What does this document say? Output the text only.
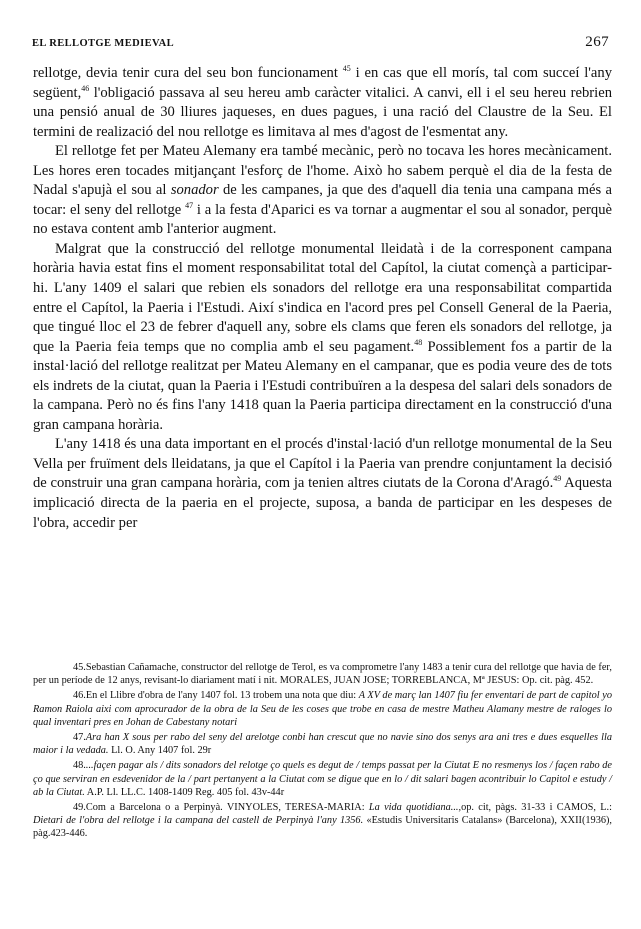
EL RELLOTGE MEDIEVAL	267

rellotge, devia tenir cura del seu bon funcionament $^{45}$ i en cas que ell morís, tal com succeí l'any següent,$^{46}$ l'obligació passava al seu hereu amb caràcter vitalici. A canvi, ell i el seu hereu rebrien una pensió anual de 30 lliures jaqueses, en dues pagues, i una ració del Claustre de la Seu. El termini de realizació del nou rellotge es limitava al mes d'agost de l'esmentat any.

El rellotge fet per Mateu Alemany era també mecànic, però no tocava les hores mecànicament. Les hores eren tocades mitjançant l'esforç de l'home. Això ho sabem perquè el dia de la festa de Nadal s'apujà el sou al sonador de les campanes, ja que des d'aquell dia tenia una campana més a tocar: el seny del rellotge $^{47}$ i a la festa d'Aparici es va tornar a augmentar el sou al sonador, perquè no estava content amb l'anterior augment.

Malgrat que la construcció del rellotge monumental lleidatà i de la corresponent campana horària havia estat fins el moment responsabilitat total del Capítol, la ciutat començà a participar-hi. L'any 1409 el salari que rebien els sonadors del rellotge era una responsabilitat compartida entre el Capítol, la Paeria i l'Estudi. Així s'indica en l'acord pres pel Consell General de la Paeria, que tingué lloc el 23 de febrer d'aquell any, sobre els clams que feren els sonadors del rellotge, ja que la Paeria feia temps que no complia amb el seu pagament.$^{48}$ Possiblement fos a partir de la instal·lació del rellotge realitzat per Mateu Alemany en el campanar, que es podia veure des de tots els indrets de la ciutat, quan la Paeria i l'Estudi contribuïren a la despesa del salari dels sonadors de la campana. Però no és fins l'any 1418 quan la Paeria participa directament en la construcció d'una gran campana horària.

L'any 1418 és una data important en el procés d'instal·lació d'un rellotge monumental de la Seu Vella per fruïment dels lleidatans, ja que el Capítol i la Paeria van prendre conjuntament la decisió de construir una gran campana horària, com ja tenien altres ciutats de la Corona d'Aragó.$^{49}$ Aquesta implicació directa de la paeria en el projecte, suposa, a banda de participar en les despeses de l'obra, accedir per

45.Sebastian Cañamache, constructor del rellotge de Terol, es va comprometre l'any 1483 a tenir cura del rellotge que havia de fer, per un període de 12 anys, revisant-lo diariament matí i nit. MORALES, JUAN JOSE; TORREBLANCA, Mª JESUS: Op. cit. pàg. 452.

46.En el Llibre d'obra de l'any 1407 fol. 13 trobem una nota que diu: A XV de març lan 1407 fiu fer enventari de part de capitol yo Ramon Raiola aixi com aprocurador de la obra de la Seu de les coses que trobe en casa de mestre Matheu Alamany mestre de raloges lo qual inventari pres en Johan de Cabestany notari

47.Ara han X sous per rabo del seny del arelotge conbi han crescut que no navie sino dos senys ara ani tres e dues esquelles lla maior i la vedada. Ll. O. Any 1407 fol. 29r

48....façen pagar als / dits sonadors del relotge ço quels es degut de / temps passat per la Ciutat E no resmenys los / façen rabo de ço que serviran en esdevenidor de la / part pertanyent a la Ciutat com se digue que en lo / dit salari bagen acontribuir lo Capitol e estudy / ab la Ciutat. A.P. Ll. LL.C. 1408-1409 Reg. 405 fol. 43v-44r

49.Com a Barcelona o a Perpinyà. VINYOLES, TERESA-MARIA: La vida quotidiana...,op. cit, pàgs. 31-33 i CAMOS, L.: Dietari de l'obra del rellotge i la campana del castell de Perpinyà l'any 1356. «Estudis Universitaris Catalans» (Barcelona), XXII(1936), pàg.423-446.
